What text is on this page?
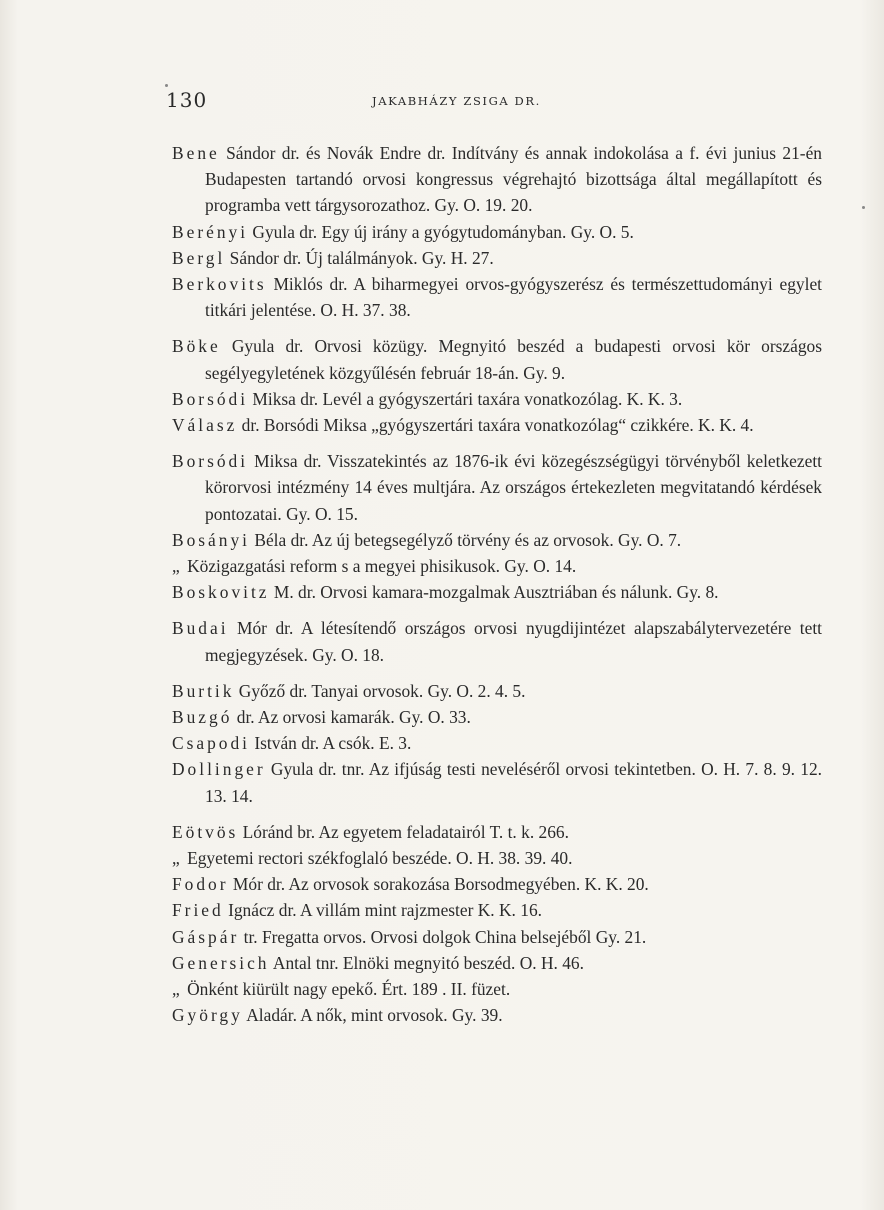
130	JAKABHÁZY ZSIGA DR.

Bene Sándor dr. és Novák Endre dr. Indítvány és annak indokolása a f. évi junius 21-én Budapesten tartandó orvosi kongressus végrehajtó bizottsága által megállapított és programba vett tárgysorozathoz. Gy. O. 19. 20.

Berényi Gyula dr. Egy új irány a gyógytudományban. Gy. O. 5.

Bergl Sándor dr. Új találmányok. Gy. H. 27.

Berkovits Miklós dr. A biharmegyei orvos-gyógyszerész és természettudományi egylet titkári jelentése. O. H. 37. 38.

Böke Gyula dr. Orvosi közügy. Megnyitó beszéd a budapesti orvosi kör országos segélyegyletének közgyűlésén február 18-án. Gy. 9.

Borsódi Miksa dr. Levél a gyógyszertári taxára vonatkozólag. K. K. 3.

Válasz dr. Borsódi Miksa „gyógyszertári taxára vonatkozólag“ czikkére. K. K. 4.

Borsódi Miksa dr. Visszatekintés az 1876-ik évi közegészségügyi törvényből keletkezett körorvosi intézmény 14 éves multjára. Az országos értekezleten megvitatandó kérdések pontozatai. Gy. O. 15.

Bosányi Béla dr. Az új betegsegélyző törvény és az orvosok. Gy. O. 7.

„ Közigazgatási reform s a megyei phisikusok. Gy. O. 14.

Boskovitz M. dr. Orvosi kamara-mozgalmak Ausztriában és nálunk. Gy. 8.

Budai Mór dr. A létesítendő országos orvosi nyugdijintézet alapszabálytervezetére tett megjegyzések. Gy. O. 18.

Burtik Győző dr. Tanyai orvosok. Gy. O. 2. 4. 5.

Buzgó dr. Az orvosi kamarák. Gy. O. 33.

Csapodi István dr. A csók. E. 3.

Dollinger Gyula dr. tnr. Az ifjúság testi neveléséről orvosi tekintetben. O. H. 7. 8. 9. 12. 13. 14.

Eötvös Lóránd br. Az egyetem feladatairól T. t. k. 266.

„ Egyetemi rectori székfoglaló beszéde. O. H. 38. 39. 40.

Fodor Mór dr. Az orvosok sorakozása Borsodmegyében. K. K. 20.

Fried Ignácz dr. A villám mint rajzmester K. K. 16.

Gáspár tr. Fregatta orvos. Orvosi dolgok China belsejéből Gy. 21.

Genersich Antal tnr. Elnöki megnyitó beszéd. O. H. 46.

„ Önként kiürült nagy epekő. Ért. 189 . II. füzet.

György Aladár. A nők, mint orvosok. Gy. 39.
